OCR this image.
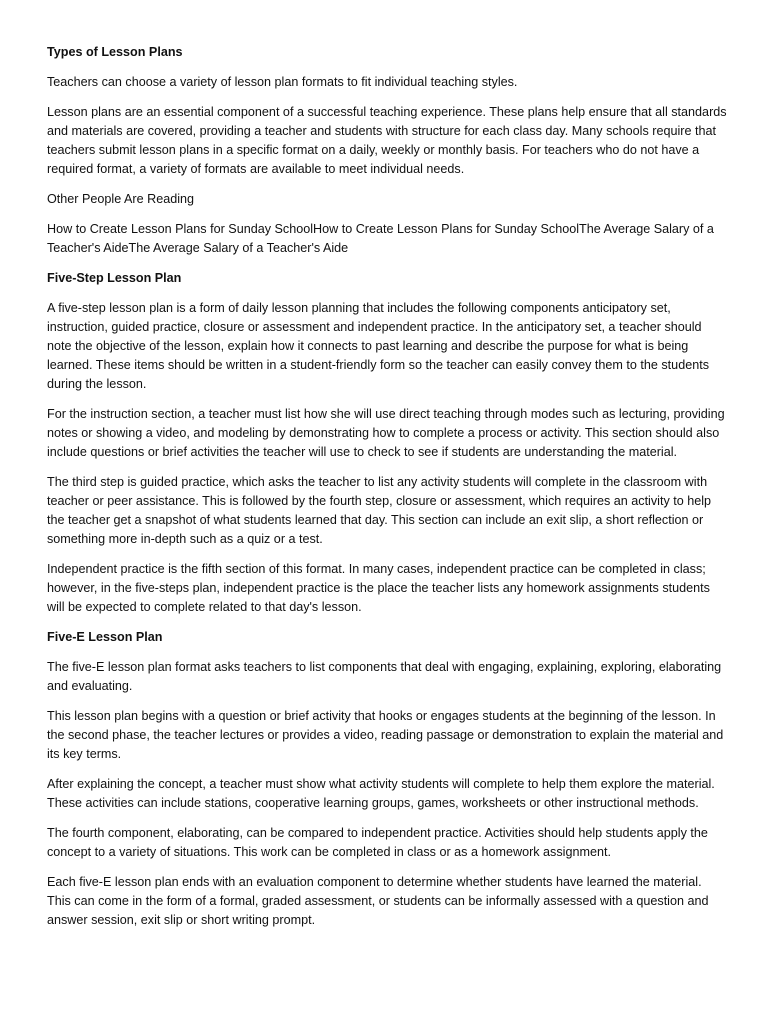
Types of Lesson Plans

Teachers can choose a variety of lesson plan formats to fit individual teaching styles.

Lesson plans are an essential component of a successful teaching experience. These plans help ensure that all standards and materials are covered, providing a teacher and students with structure for each class day. Many schools require that teachers submit lesson plans in a specific format on a daily, weekly or monthly basis. For teachers who do not have a required format, a variety of formats are available to meet individual needs.

Other People Are Reading

How to Create Lesson Plans for Sunday SchoolHow to Create Lesson Plans for Sunday SchoolThe Average Salary of a Teacher's AideThe Average Salary of a Teacher's Aide

Five-Step Lesson Plan

A five-step lesson plan is a form of daily lesson planning that includes the following components anticipatory set, instruction, guided practice, closure or assessment and independent practice. In the anticipatory set, a teacher should note the objective of the lesson, explain how it connects to past learning and describe the purpose for what is being learned. These items should be written in a student-friendly form so the teacher can easily convey them to the students during the lesson.

For the instruction section, a teacher must list how she will use direct teaching through modes such as lecturing, providing notes or showing a video, and modeling by demonstrating how to complete a process or activity. This section should also include questions or brief activities the teacher will use to check to see if students are understanding the material.

The third step is guided practice, which asks the teacher to list any activity students will complete in the classroom with teacher or peer assistance. This is followed by the fourth step, closure or assessment, which requires an activity to help the teacher get a snapshot of what students learned that day. This section can include an exit slip, a short reflection or something more in-depth such as a quiz or a test.

Independent practice is the fifth section of this format. In many cases, independent practice can be completed in class; however, in the five-steps plan, independent practice is the place the teacher lists any homework assignments students will be expected to complete related to that day's lesson.

Five-E Lesson Plan

The five-E lesson plan format asks teachers to list components that deal with engaging, explaining, exploring, elaborating and evaluating.

This lesson plan begins with a question or brief activity that hooks or engages students at the beginning of the lesson. In the second phase, the teacher lectures or provides a video, reading passage or demonstration to explain the material and its key terms.

After explaining the concept, a teacher must show what activity students will complete to help them explore the material. These activities can include stations, cooperative learning groups, games, worksheets or other instructional methods.

The fourth component, elaborating, can be compared to independent practice. Activities should help students apply the concept to a variety of situations. This work can be completed in class or as a homework assignment.

Each five-E lesson plan ends with an evaluation component to determine whether students have learned the material. This can come in the form of a formal, graded assessment, or students can be informally assessed with a question and answer session, exit slip or short writing prompt.
